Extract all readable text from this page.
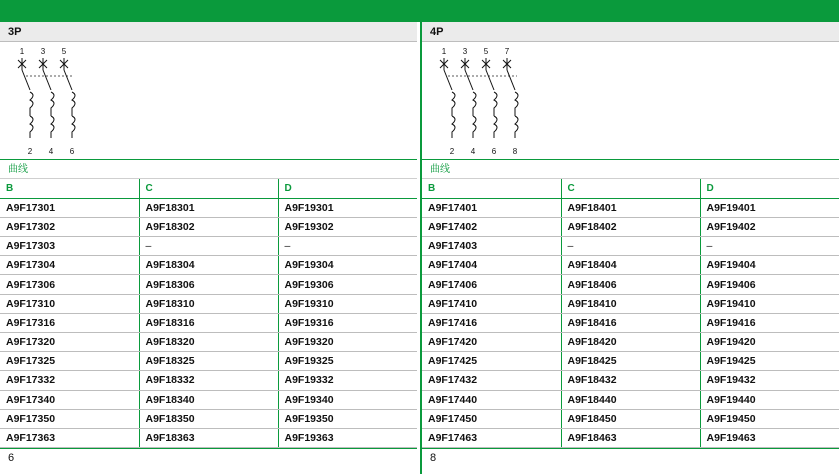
3P
1
2
3
4
5
6
曲线
B	C	D
A9F17301	A9F18301	A9F19301
A9F17302	A9F18302	A9F19302
A9F17303	–	–
A9F17304	A9F18304	A9F19304
A9F17306	A9F18306	A9F19306
A9F17310	A9F18310	A9F19310
A9F17316	A9F18316	A9F19316
A9F17320	A9F18320	A9F19320
A9F17325	A9F18325	A9F19325
A9F17332	A9F18332	A9F19332
A9F17340	A9F18340	A9F19340
A9F17350	A9F18350	A9F19350
A9F17363	A9F18363	A9F19363
6
4P
1
2
3
4
5
6
7
8
曲线
B	C	D
A9F17401	A9F18401	A9F19401
A9F17402	A9F18402	A9F19402
A9F17403	–	–
A9F17404	A9F18404	A9F19404
A9F17406	A9F18406	A9F19406
A9F17410	A9F18410	A9F19410
A9F17416	A9F18416	A9F19416
A9F17420	A9F18420	A9F19420
A9F17425	A9F18425	A9F19425
A9F17432	A9F18432	A9F19432
A9F17440	A9F18440	A9F19440
A9F17450	A9F18450	A9F19450
A9F17463	A9F18463	A9F19463
8
